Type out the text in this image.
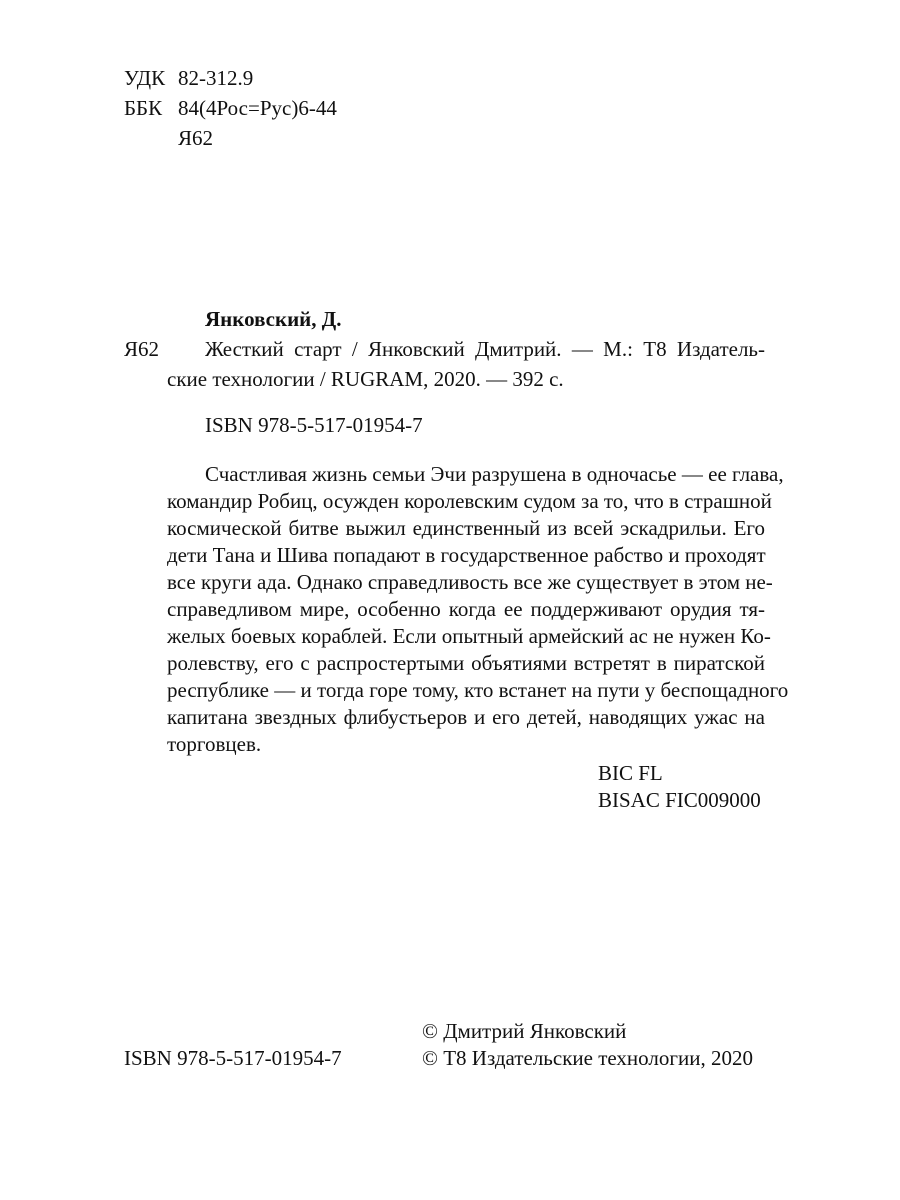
УДК 82-312.9
ББК 84(4Рос=Рус)6-44
Я62
Янковский, Д.
Я62 Жесткий старт / Янковский Дмитрий. — М.: Т8 Издатель-
ские технологии / RUGRAM, 2020. — 392 с.
ISBN 978-5-517-01954-7
Счастливая жизнь семьи Эчи разрушена в одночасье — ее глава,
командир Робиц, осужден королевским судом за то, что в страшной
космической битве выжил единственный из всей эскадрильи. Его
дети Тана и Шива попадают в государственное рабство и проходят
все круги ада. Однако справедливость все же существует в этом не-
справедливом мире, особенно когда ее поддерживают орудия тя-
желых боевых кораблей. Если опытный армейский ас не нужен Ко-
ролевству, его с распростертыми объятиями встретят в пиратской
республике — и тогда горе тому, кто встанет на пути у беспощадного
капитана звездных флибустьеров и его детей, наводящих ужас на
торговцев.
BIC FL
BISAC FIC009000
© Дмитрий Янковский
ISBN 978-5-517-01954-7	© Т8 Издательские технологии, 2020
